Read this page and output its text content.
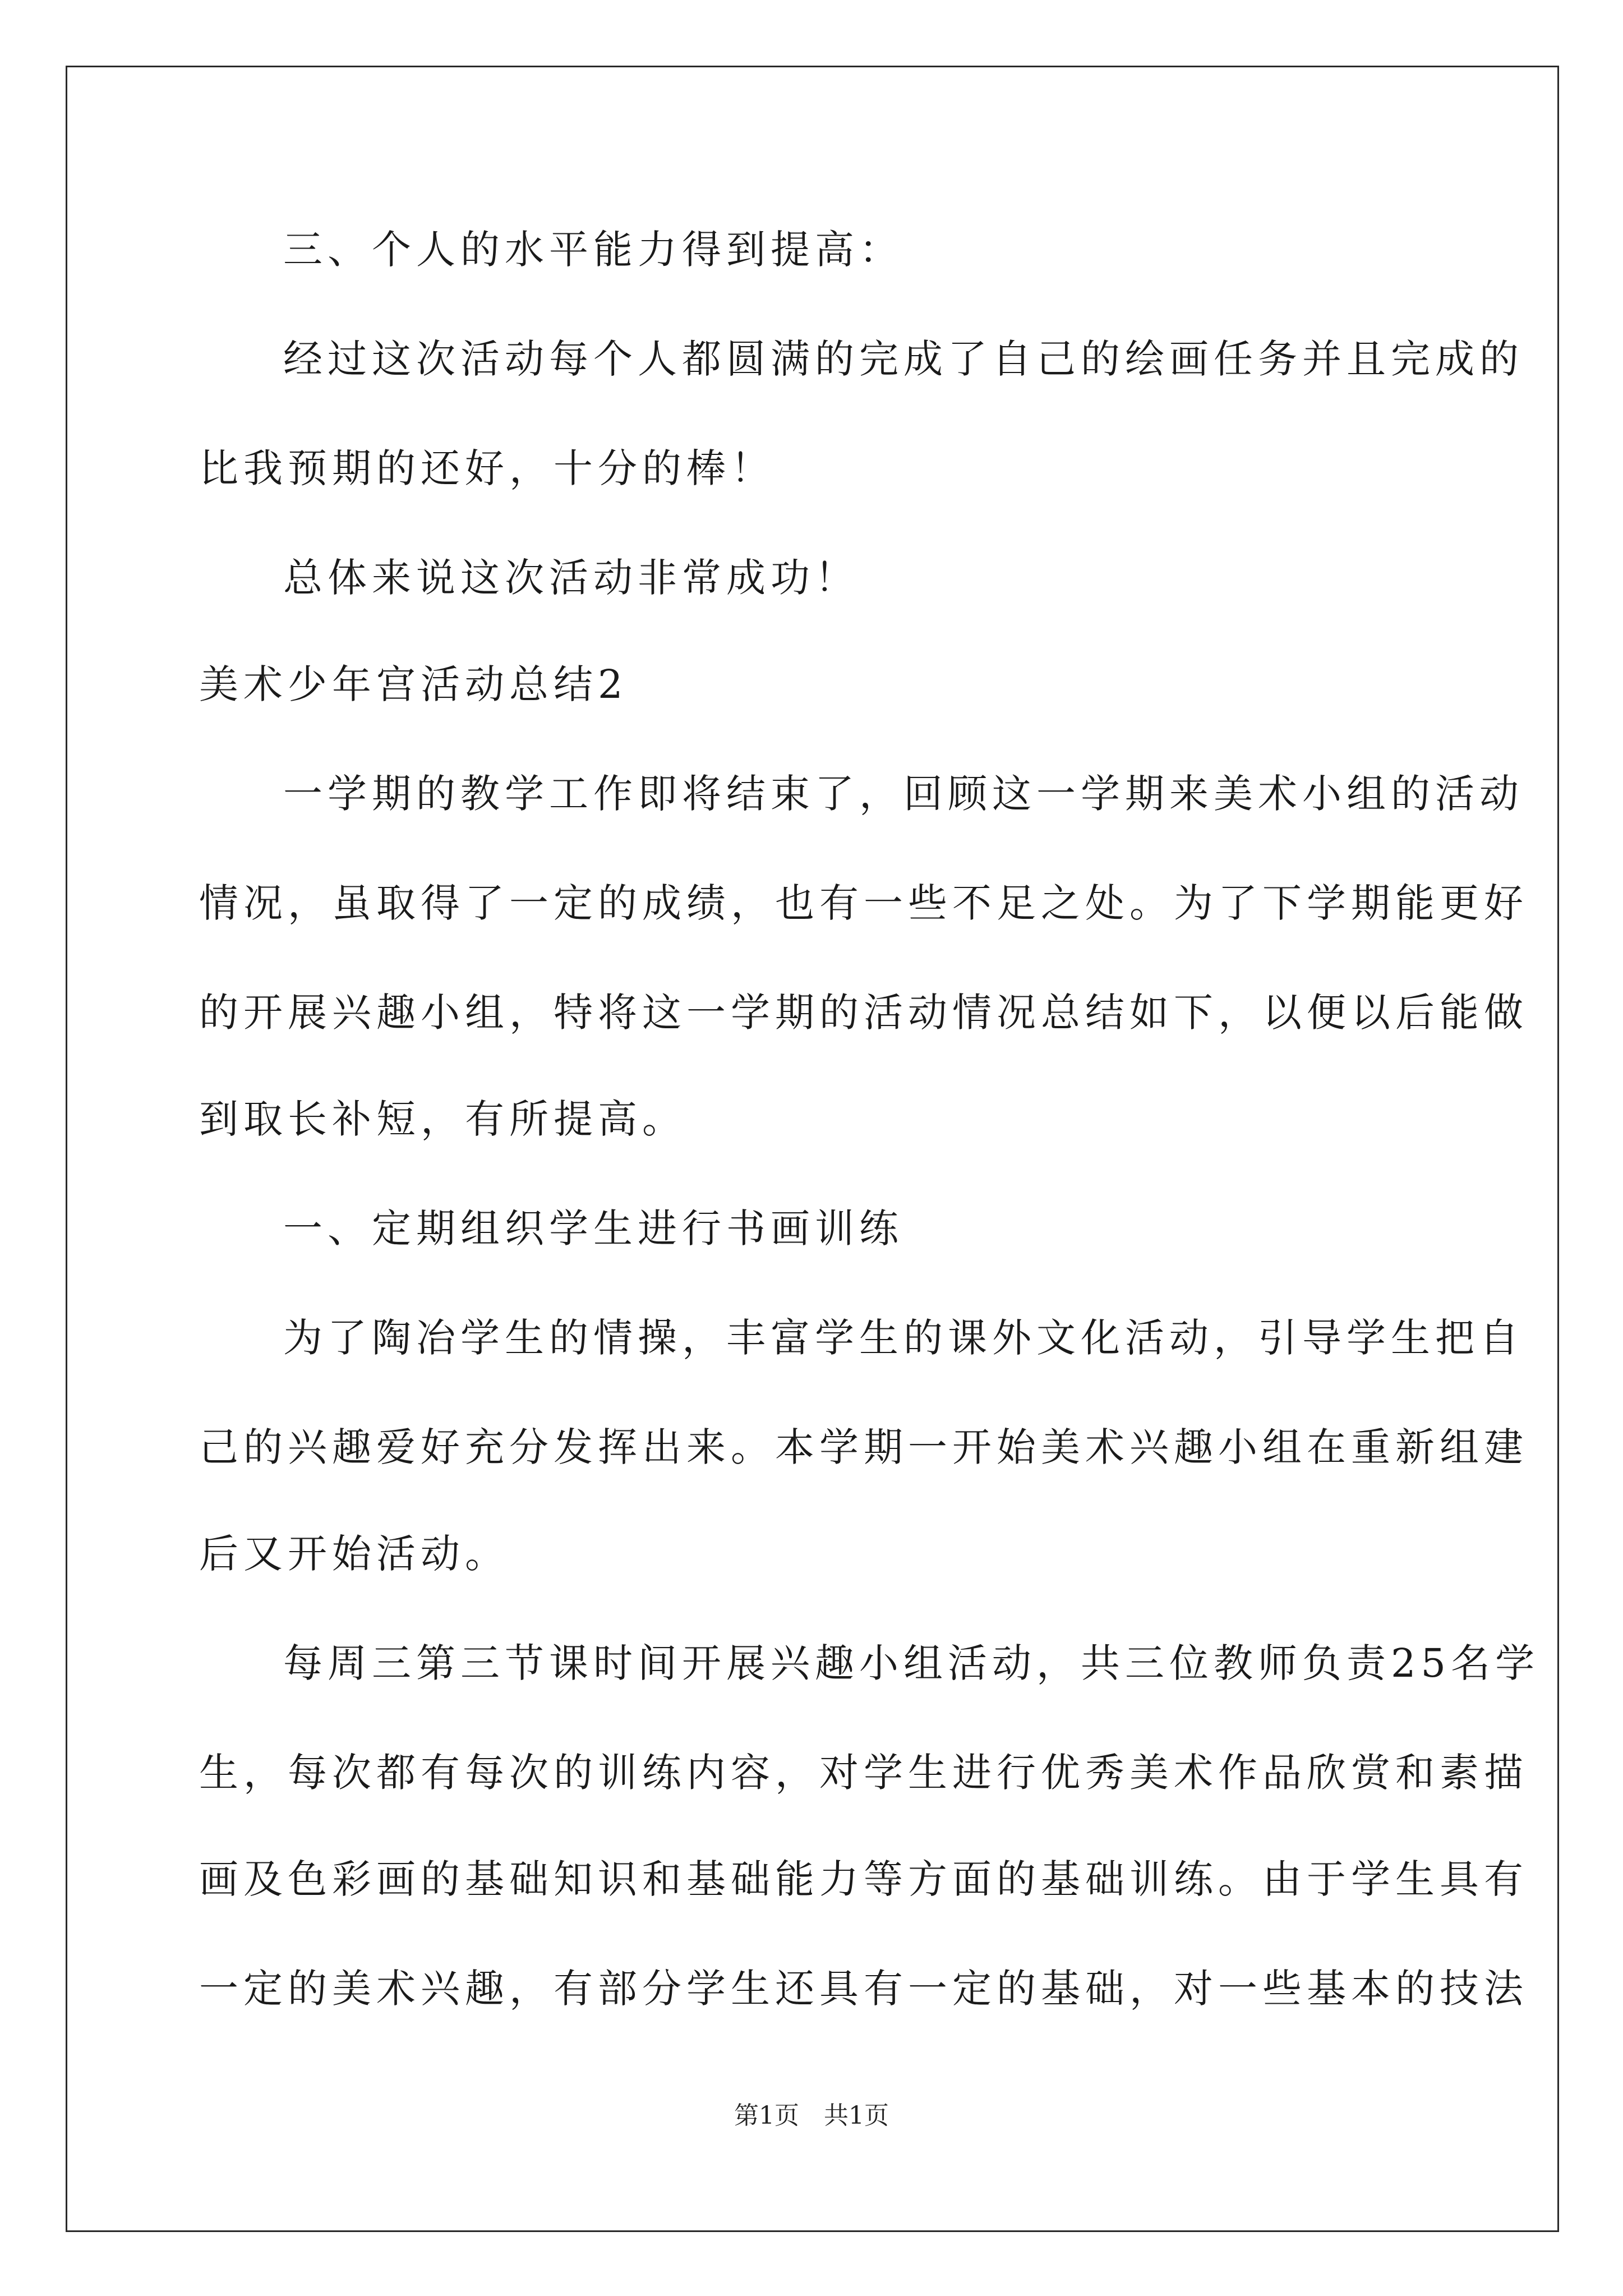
三、个人的水平能力得到提高：
经过这次活动每个人都圆满的完成了自己的绘画任务并且完成的
比我预期的还好，十分的棒！
总体来说这次活动非常成功！
美术少年宫活动总结2
一学期的教学工作即将结束了，回顾这一学期来美术小组的活动
情况，虽取得了一定的成绩，也有一些不足之处。为了下学期能更好
的开展兴趣小组，特将这一学期的活动情况总结如下，以便以后能做
到取长补短，有所提高。
一、定期组织学生进行书画训练
为了陶冶学生的情操，丰富学生的课外文化活动，引导学生把自
己的兴趣爱好充分发挥出来。本学期一开始美术兴趣小组在重新组建
后又开始活动。
每周三第三节课时间开展兴趣小组活动，共三位教师负责25名学
生，每次都有每次的训练内容，对学生进行优秀美术作品欣赏和素描
画及色彩画的基础知识和基础能力等方面的基础训练。由于学生具有
一定的美术兴趣，有部分学生还具有一定的基础，对一些基本的技法
第1页　共1页
